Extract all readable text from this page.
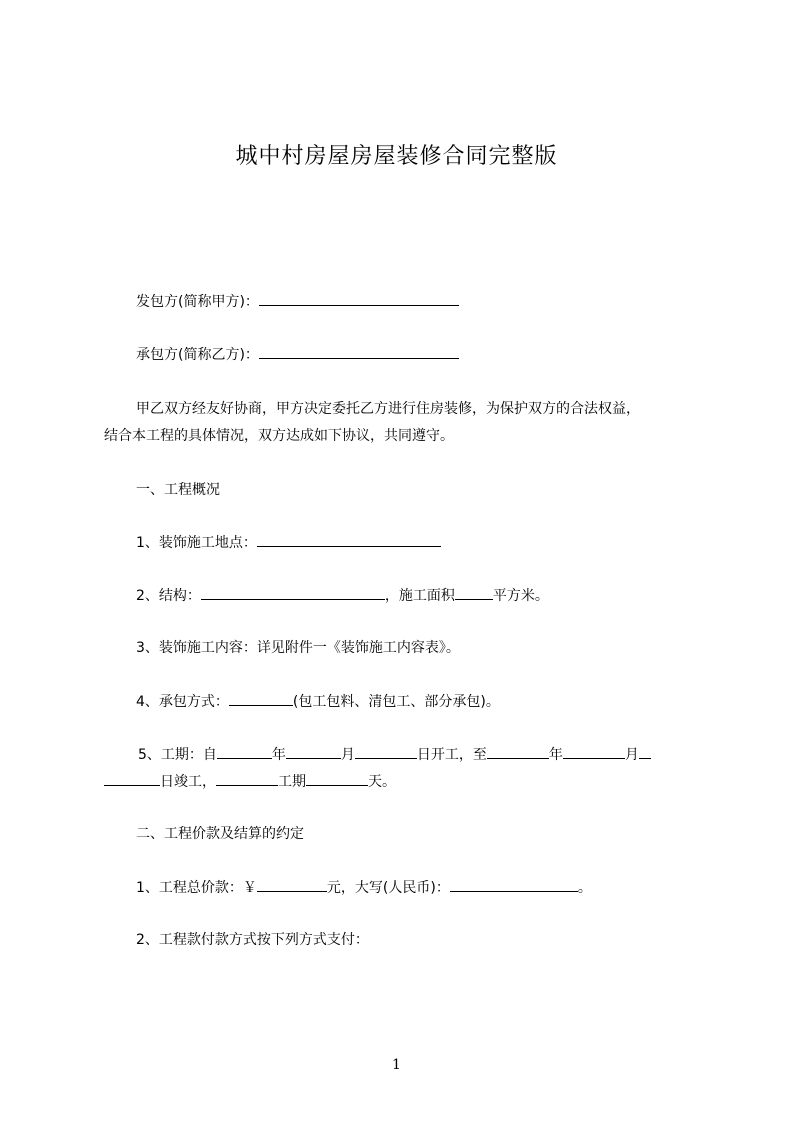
城中村房屋房屋装修合同完整版
发包方(简称甲方)：
承包方(简称乙方)：
甲乙双方经友好协商，甲方决定委托乙方进行住房装修，为保护双方的合法权益，
结合本工程的具体情况，双方达成如下协议，共同遵守。
一、工程概况
1、装饰施工地点：
2、结构：	，施工面积	平方米。
3、装饰施工内容：详见附件一《装饰施工内容表》。
4、承包方式：	(包工包料、清包工、部分承包)。
5、工期：自	年	月	日开工，至	年	月
日竣工，	工期	天。
二、工程价款及结算的约定
1、工程总价款：￥	元，大写(人民币)：	。
2、工程款付款方式按下列方式支付：
1
